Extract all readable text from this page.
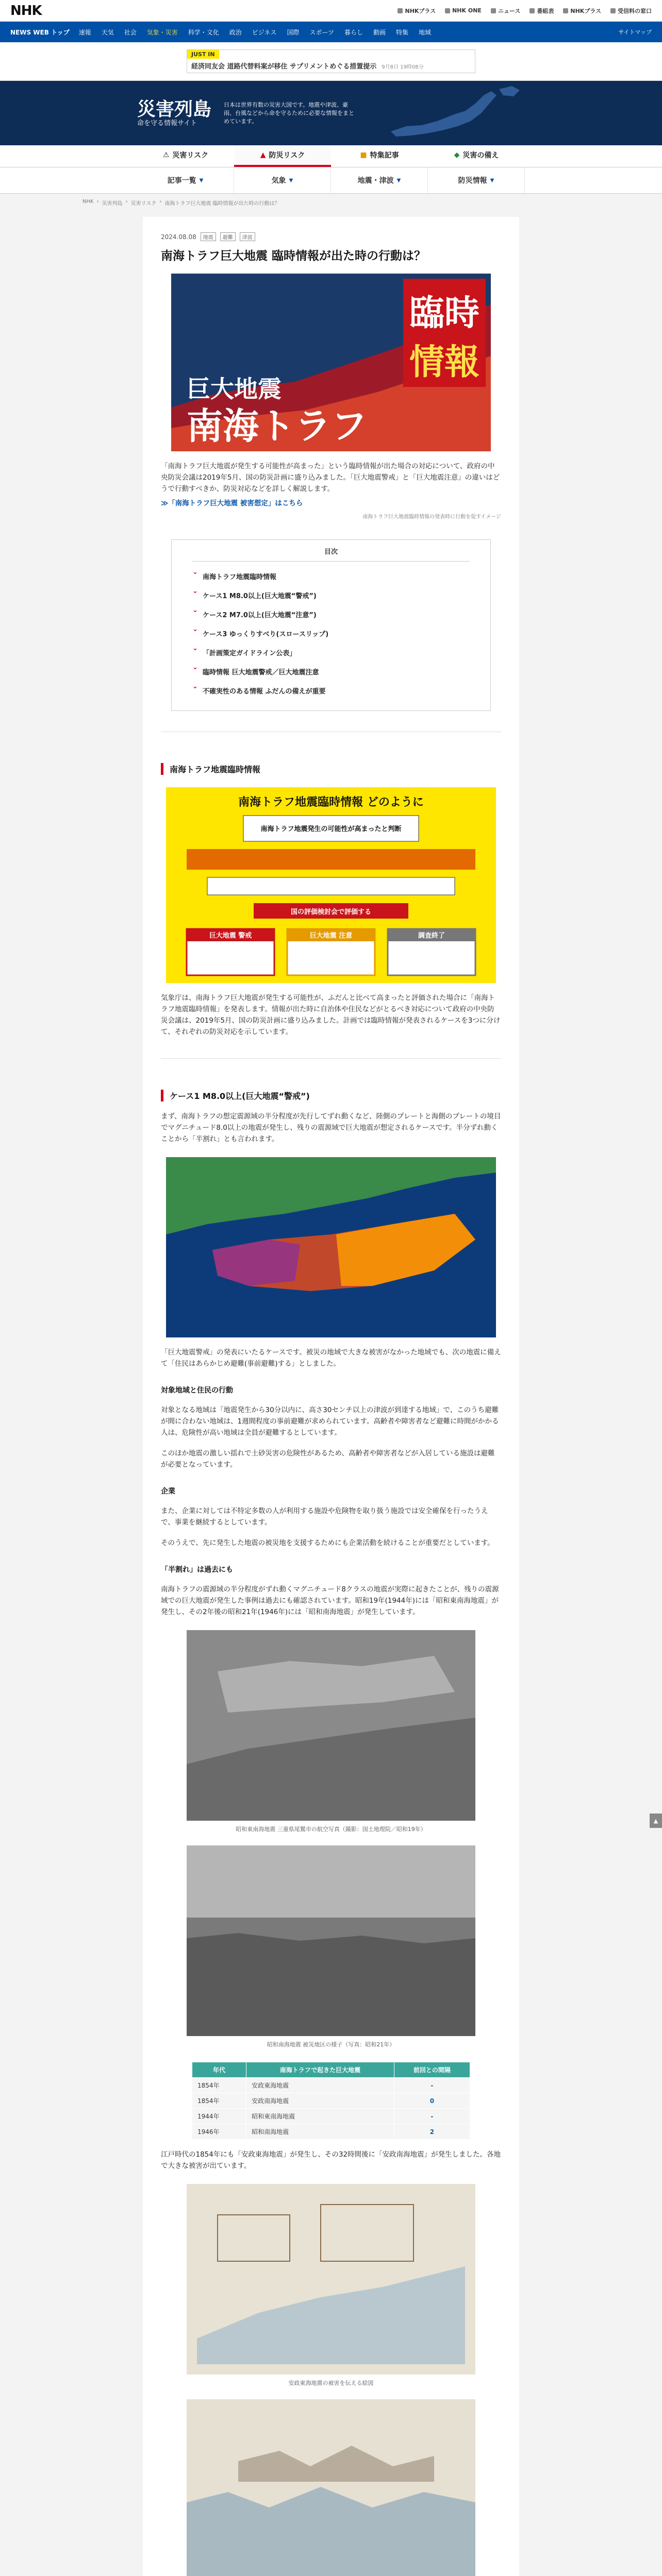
NHK	NHKプラス	NHK ONE	ニュース	番組表	NHKプラス	受信料の窓口
NEWS WEB トップ 速報 天気 社会 気象・災害 科学・文化 政治 ビジネス 国際 スポーツ 暮らし 動画 特集 地域	サイトマップ
JUST IN
経済同友会 道路代替料案が移住 サプリメントめぐる措置提示 9月8日 19時08分
災害列島
命を守る情報サイト
日本は世界有数の災害大国です。地震や津波、豪雨、台風などから命を守るために必要な情報をまとめています。
⚠ 災害リスク	▲ 防災リスク	■ 特集記事	◆ 災害の備え
記事一覧 ▼	気象 ▼	地震・津波 ▼	防災情報 ▼
NHK › 災害列島 › 災害リスク › 南海トラフ巨大地震 臨時情報が出た時の行動は？
2024.08.08	地震	避難	津波
南海トラフ巨大地震 臨時情報が出た時の行動は？
臨時
情報
巨大地震
南海トラフ

「南海トラフ巨大地震が発生する可能性が高まった」という臨時情報が出た場合の対応について、政府の中央防災会議は2019年5月、国の防災計画に盛り込みました。「巨大地震警戒」と「巨大地震注意」の違いはどうで行動すべきか、防災対応などを詳しく解説します。

≫「南海トラフ巨大地震 被害想定」はこちら

南海トラフ巨大地震臨時情報の発表時に行動を促すイメージ
目次
⌄ 南海トラフ地震臨時情報
⌄ ケース1 M8.0以上(巨大地震“警戒”)
⌄ ケース2 M7.0以上(巨大地震“注意”)
⌄ ケース3 ゆっくりすべり(スロースリップ)
⌄ 「計画策定ガイドライン公表」
⌄ 臨時情報 巨大地震警戒／巨大地震注意
⌄ 不確実性のある情報 ふだんの備えが重要
南海トラフ地震臨時情報
南海トラフ地震臨時情報 どのように
南海トラフ地震発生の可能性が高まったと判断
国の評価検討会で評価する
巨大地震 警戒	巨大地震 注意	調査終了

気象庁は、南海トラフ巨大地震が発生する可能性が、ふだんと比べて高まったと評価された場合に「南海トラフ地震臨時情報」を発表します。情報が出た時に自治体や住民などがとるべき対応について政府の中央防災会議は、2019年5月、国の防災計画に盛り込みました。計画では臨時情報が発表されるケースを3つに分けて、それぞれの防災対応を示しています。

ケース1 M8.0以上(巨大地震“警戒”)

まず、南海トラフの想定震源域の半分程度が先行してずれ動くなど、陸側のプレートと海側のプレートの境目でマグニチュード8.0以上の地震が発生し、残りの震源域で巨大地震が想定されるケースです。半分ずれ動くことから「半割れ」とも言われます。

「巨大地震警戒」の発表にいたるケースです。被災の地域で大きな被害がなかった地域でも、次の地震に備えて「住民はあらかじめ避難(事前避難)する」としました。

対象地域と住民の行動

対象となる地域は「地震発生から30分以内に、高さ30センチ以上の津波が到達する地域」で、このうち避難が間に合わない地域は、1週間程度の事前避難が求められています。高齢者や障害者など避難に時間がかかる人は、危険性が高い地域は全員が避難するとしています。

このほか地震の激しい揺れで土砂災害の危険性があるため、高齢者や障害者などが入居している施設は避難が必要となっています。

企業

また、企業に対しては不特定多数の人が利用する施設や危険物を取り扱う施設では安全確保を行ったうえで、事業を継続するとしています。

そのうえで、先に発生した地震の被災地を支援するためにも企業活動を続けることが重要だとしています。

「半割れ」は過去にも

南海トラフの震源域の半分程度がずれ動くマグニチュード8クラスの地震が実際に起きたことが、残りの震源域での巨大地震が発生した事例は過去にも確認されています。昭和19年(1944年)には「昭和東南海地震」が発生し、その2年後の昭和21年(1946年)には「昭和南海地震」が発生しています。

昭和東南海地震 三重県尾鷲市の航空写真（撮影：国土地理院／昭和19年）
昭和南海地震 被災地区の様子（写真：昭和21年）
年代	南海トラフで起きた巨大地震	前回との間隔
1854年	安政東海地震	-
1854年	安政南海地震	0
1944年	昭和東南海地震	-
1946年	昭和南海地震	2

江戸時代の1854年にも「安政東海地震」が発生し、その32時間後に「安政南海地震」が発生しました。各地で大きな被害が出ています。

安政東海地震の被害を伝える絵図

▲
